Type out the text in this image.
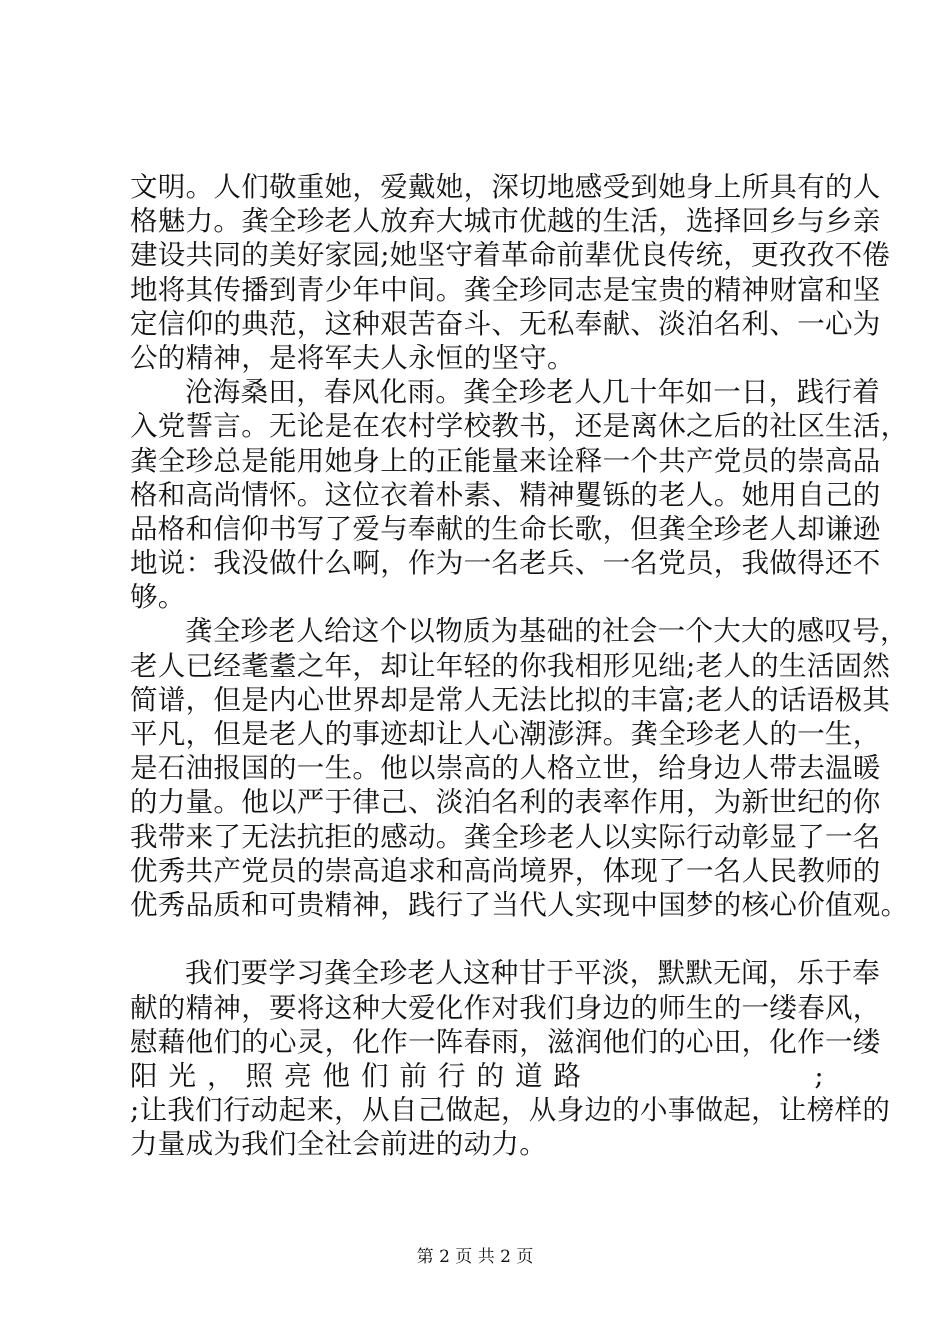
文明。人们敬重她，爱戴她，深切地感受到她身上所具有的人
格魅力。龚全珍老人放弃大城市优越的生活，选择回乡与乡亲
建设共同的美好家园;她坚守着革命前辈优良传统，更孜孜不倦
地将其传播到青少年中间。龚全珍同志是宝贵的精神财富和坚
定信仰的典范，这种艰苦奋斗、无私奉献、淡泊名利、一心为
公的精神，是将军夫人永恒的坚守。
沧海桑田，春风化雨。龚全珍老人几十年如一日，践行着
入党誓言。无论是在农村学校教书，还是离休之后的社区生活，
龚全珍总是能用她身上的正能量来诠释一个共产党员的崇高品
格和高尚情怀。这位衣着朴素、精神矍铄的老人。她用自己的
品格和信仰书写了爱与奉献的生命长歌，但龚全珍老人却谦逊
地说：我没做什么啊，作为一名老兵、一名党员，我做得还不
够。
龚全珍老人给这个以物质为基础的社会一个大大的感叹号，
老人已经耄耋之年，却让年轻的你我相形见绌;老人的生活固然
简谱，但是内心世界却是常人无法比拟的丰富;老人的话语极其
平凡，但是老人的事迹却让人心潮澎湃。龚全珍老人的一生，
是石油报国的一生。他以崇高的人格立世，给身边人带去温暖
的力量。他以严于律己、淡泊名利的表率作用，为新世纪的你
我带来了无法抗拒的感动。龚全珍老人以实际行动彰显了一名
优秀共产党员的崇高追求和高尚境界，体现了一名人民教师的
优秀品质和可贵精神，践行了当代人实现中国梦的核心价值观。
我们要学习龚全珍老人这种甘于平淡，默默无闻，乐于奉
献的精神，要将这种大爱化作对我们身边的师生的一缕春风，
慰藉他们的心灵，化作一阵春雨，滋润他们的心田，化作一缕
阳光，照亮他们前行的道路	;
;让我们行动起来，从自己做起，从身边的小事做起，让榜样的
力量成为我们全社会前进的动力。
第 2 页 共 2 页
